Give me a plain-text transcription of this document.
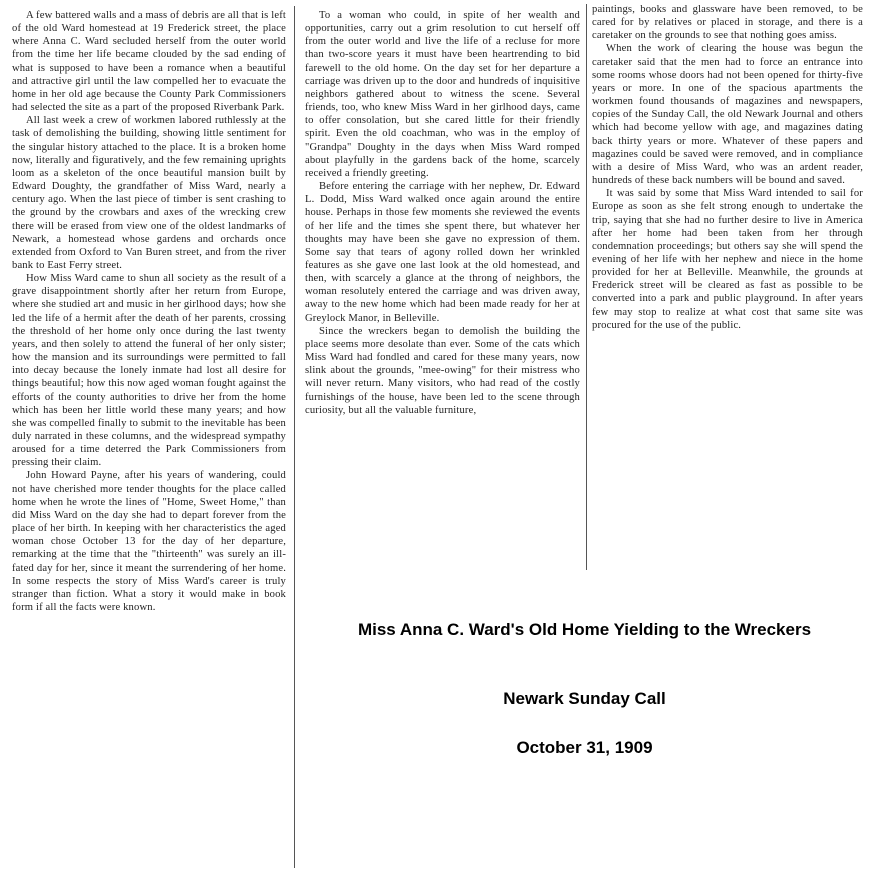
A few battered walls and a mass of debris are all that is left of the old Ward homestead at 19 Frederick street, the place where Anna C. Ward secluded herself from the outer world from the time her life became clouded by the sad ending of what is supposed to have been a romance when a beautiful and attractive girl until the law compelled her to evacuate the home in her old age because the County Park Commissioners had selected the site as a part of the proposed Riverbank Park.

All last week a crew of workmen labored ruthlessly at the task of demolishing the building, showing little sentiment for the singular history attached to the place. It is a broken home now, literally and figuratively, and the few remaining uprights loom as a skeleton of the once beautiful mansion built by Edward Doughty, the grandfather of Miss Ward, nearly a century ago. When the last piece of timber is sent crashing to the ground by the crowbars and axes of the wrecking crew there will be erased from view one of the oldest landmarks of Newark, a homestead whose gardens and orchards once extended from Oxford to Van Buren street, and from the river bank to East Ferry street.

How Miss Ward came to shun all society as the result of a grave disappointment shortly after her return from Europe, where she studied art and music in her girlhood days; how she led the life of a hermit after the death of her parents, crossing the threshold of her home only once during the last twenty years, and then solely to attend the funeral of her only sister; how the mansion and its surroundings were permitted to fall into decay because the lonely inmate had lost all desire for things beautiful; how this now aged woman fought against the efforts of the county authorities to drive her from the home which has been her little world these many years; and how she was compelled finally to submit to the inevitable has been duly narrated in these columns, and the widespread sympathy aroused for a time deterred the Park Commissioners from pressing their claim.

John Howard Payne, after his years of wandering, could not have cherished more tender thoughts for the place called home when he wrote the lines of "Home, Sweet Home," than did Miss Ward on the day she had to depart forever from the place of her birth. In keeping with her characteristics the aged woman chose October 13 for the day of her departure, remarking at the time that the "thirteenth" was surely an ill-fated day for her, since it meant the surrendering of her home. In some respects the story of Miss Ward's career is truly stranger than fiction. What a story it would make in book form if all the facts were known.

To a woman who could, in spite of her wealth and opportunities, carry out a grim resolution to cut herself off from the outer world and live the life of a recluse for more than two-score years it must have been heartrending to bid farewell to the old home. On the day set for her departure a carriage was driven up to the door and hundreds of inquisitive neighbors gathered about to witness the scene. Several friends, too, who knew Miss Ward in her girlhood days, came to offer consolation, but she cared little for their friendly spirit. Even the old coachman, who was in the employ of "Grandpa" Doughty in the days when Miss Ward romped about playfully in the gardens back of the home, scarcely received a friendly greeting.

Before entering the carriage with her nephew, Dr. Edward L. Dodd, Miss Ward walked once again around the entire house. Perhaps in those few moments she reviewed the events of her life and the times she spent there, but whatever her thoughts may have been she gave no expression of them. Some say that tears of agony rolled down her wrinkled features as she gave one last look at the old homestead, and then, with scarcely a glance at the throng of neighbors, the woman resolutely entered the carriage and was driven away, away to the new home which had been made ready for her at Greylock Manor, in Belleville.

Since the wreckers began to demolish the building the place seems more desolate than ever. Some of the cats which Miss Ward had fondled and cared for these many years, now slink about the grounds, "mee-owing" for their mistress who will never return. Many visitors, who had read of the costly furnishings of the house, have been led to the scene through curiosity, but all the valuable furniture,

paintings, books and glassware have been removed, to be cared for by relatives or placed in storage, and there is a caretaker on the grounds to see that nothing goes amiss.

When the work of clearing the house was begun the caretaker said that the men had to force an entrance into some rooms whose doors had not been opened for thirty-five years or more. In one of the spacious apartments the workmen found thousands of magazines and newspapers, copies of the Sunday Call, the old Newark Journal and others which had become yellow with age, and magazines dating back thirty years or more. Whatever of these papers and magazines could be saved were removed, and in compliance with a desire of Miss Ward, who was an ardent reader, hundreds of these back numbers will be bound and saved.

It was said by some that Miss Ward intended to sail for Europe as soon as she felt strong enough to undertake the trip, saying that she had no further desire to live in America after her home had been taken from her through condemnation proceedings; but others say she will spend the evening of her life with her nephew and niece in the home provided for her at Belleville. Meanwhile, the grounds at Frederick street will be cleared as fast as possible to be converted into a park and public playground. In after years few may stop to realize at what cost that same site was procured for the use of the public.

Miss Anna C. Ward's Old Home Yielding to the Wreckers
Newark Sunday Call
October 31, 1909
